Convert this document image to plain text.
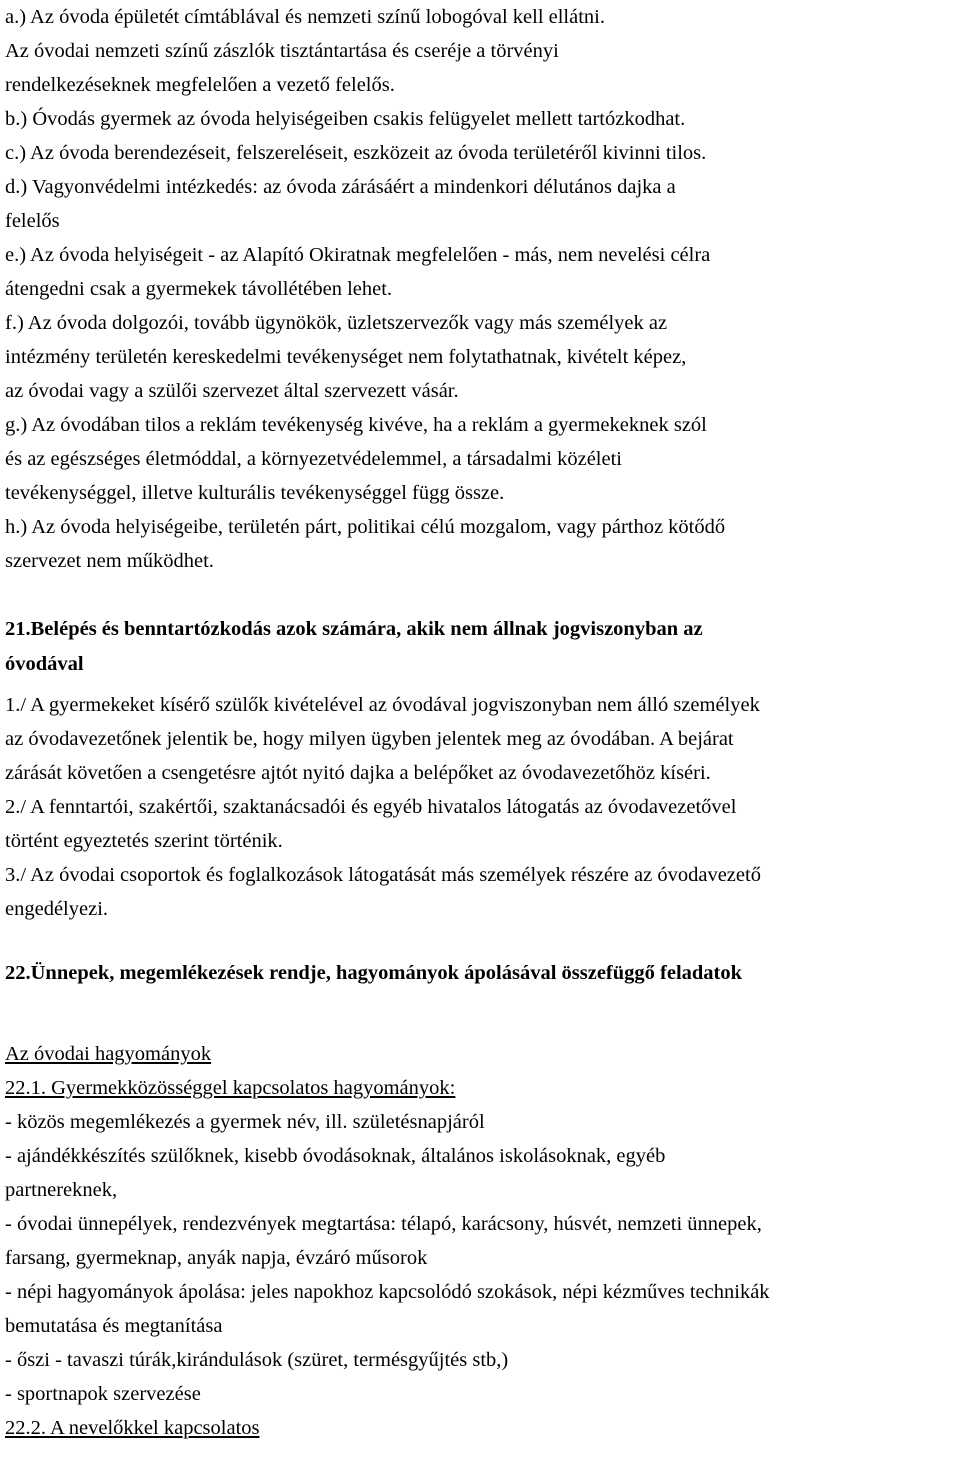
a.) Az óvoda épületét címtáblával és nemzeti színű lobogóval kell ellátni.
Az óvodai nemzeti színű zászlók tisztántartása és cseréje a törvényi
rendelkezéseknek megfelelően a vezető felelős.
b.) Óvodás gyermek az óvoda helyiségeiben csakis felügyelet mellett tartózkodhat.
c.) Az óvoda berendezéseit, felszereléseit, eszközeit az óvoda területéről kivinni tilos.
d.) Vagyonvédelmi intézkedés: az óvoda zárásáért a mindenkori délutános dajka a
felelős
e.) Az óvoda helyiségeit - az Alapító Okiratnak megfelelően - más, nem nevelési célra
átengedni csak a gyermekek távollétében lehet.
f.) Az óvoda dolgozói, tovább ügynökök, üzletszervezők vagy más személyek az
intézmény területén kereskedelmi tevékenységet nem folytathatnak, kivételt képez,
az óvodai vagy a szülői szervezet által szervezett vásár.
g.) Az óvodában tilos a reklám tevékenység kivéve, ha a reklám a gyermekeknek szól
és az egészséges életmóddal, a környezetvédelemmel, a társadalmi közéleti
tevékenységgel, illetve kulturális tevékenységgel függ össze.
h.) Az óvoda helyiségeibe, területén párt, politikai célú mozgalom, vagy párthoz kötődő
szervezet nem működhet.
21.Belépés és benntartózkodás azok számára, akik nem állnak jogviszonyban az
óvodával
1./ A gyermekeket kísérő szülők kivételével az óvodával jogviszonyban nem álló személyek
az óvodavezetőnek jelentik be, hogy milyen ügyben jelentek meg az óvodában. A bejárat
zárását követően a csengetésre ajtót nyitó dajka a belépőket az óvodavezetőhöz kíséri.
2./ A fenntartói, szakértői, szaktanácsadói és egyéb hivatalos látogatás az óvodavezetővel
történt egyeztetés szerint történik.
3./ Az óvodai csoportok és foglalkozások látogatását más személyek részére az óvodavezető
engedélyezi.
22.Ünnepek, megemlékezések rendje, hagyományok ápolásával összefüggő feladatok
Az óvodai hagyományok
22.1. Gyermekközösséggel kapcsolatos hagyományok:
- közös megemlékezés a gyermek név, ill. születésnapjáról
- ajándékkészítés szülőknek, kisebb óvodásoknak, általános iskolásoknak, egyéb
partnereknek,
- óvodai ünnepélyek, rendezvények megtartása: télapó, karácsony, húsvét, nemzeti ünnepek,
farsang, gyermeknap, anyák napja, évzáró műsorok
- népi hagyományok ápolása: jeles napokhoz kapcsolódó szokások, népi kézműves technikák
bemutatása és megtanítása
- őszi - tavaszi túrák,kirándulások (szüret, termésgyűjtés stb,)
- sportnapok szervezése
22.2. A nevelőkkel kapcsolatos
